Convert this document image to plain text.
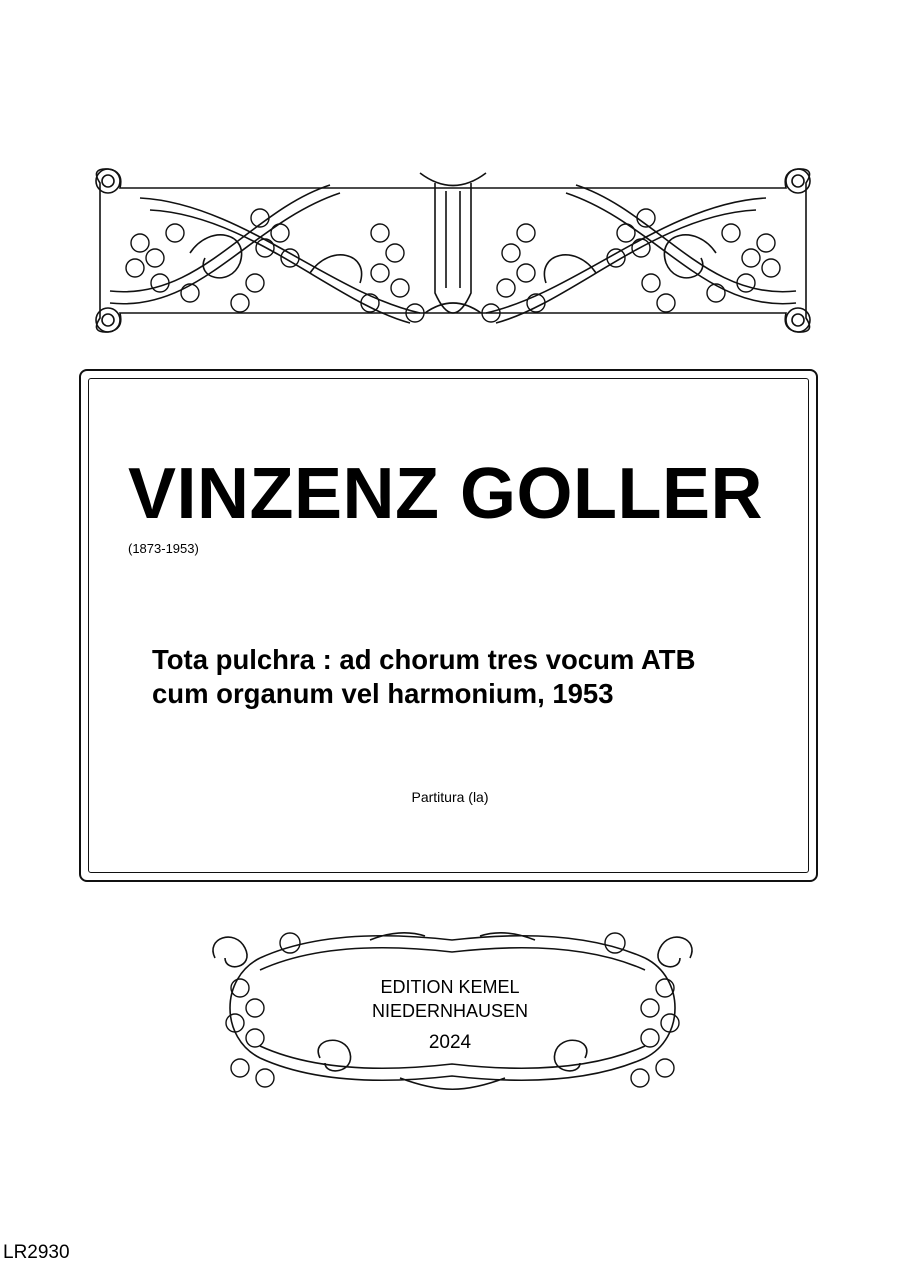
VINZENZ GOLLER
(1873-1953)
Tota pulchra : ad chorum tres vocum ATB
cum organum vel harmonium, 1953
Partitura (la)
EDITION KEMEL
NIEDERNHAUSEN
2024
LR2930
